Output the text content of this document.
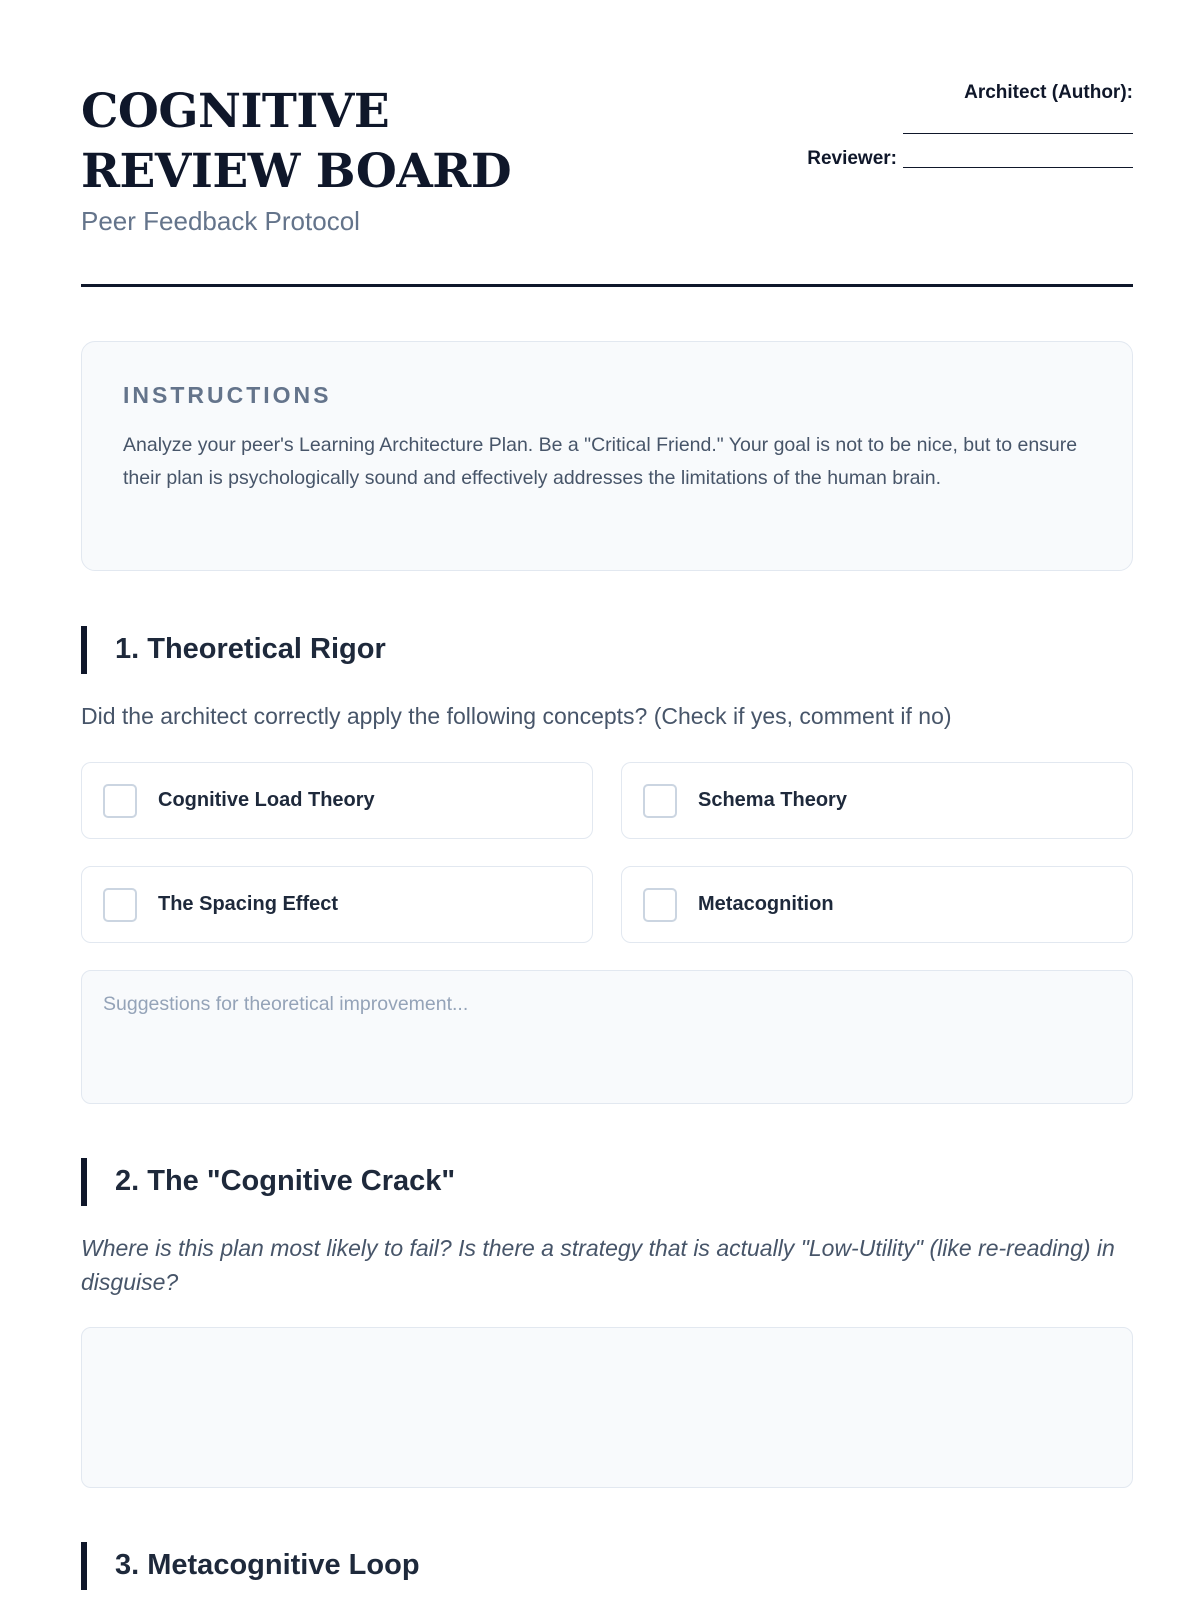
COGNITIVE REVIEW BOARD
Peer Feedback Protocol
Architect (Author):
Reviewer:
INSTRUCTIONS
Analyze your peer's Learning Architecture Plan. Be a "Critical Friend." Your goal is not to be nice, but to ensure their plan is psychologically sound and effectively addresses the limitations of the human brain.
1. Theoretical Rigor
Did the architect correctly apply the following concepts? (Check if yes, comment if no)
Cognitive Load Theory	Schema Theory
The Spacing Effect	Metacognition
Suggestions for theoretical improvement...
2. The "Cognitive Crack"
Where is this plan most likely to fail? Is there a strategy that is actually "Low-Utility" (like re-reading) in disguise?
3. Metacognitive Loop
